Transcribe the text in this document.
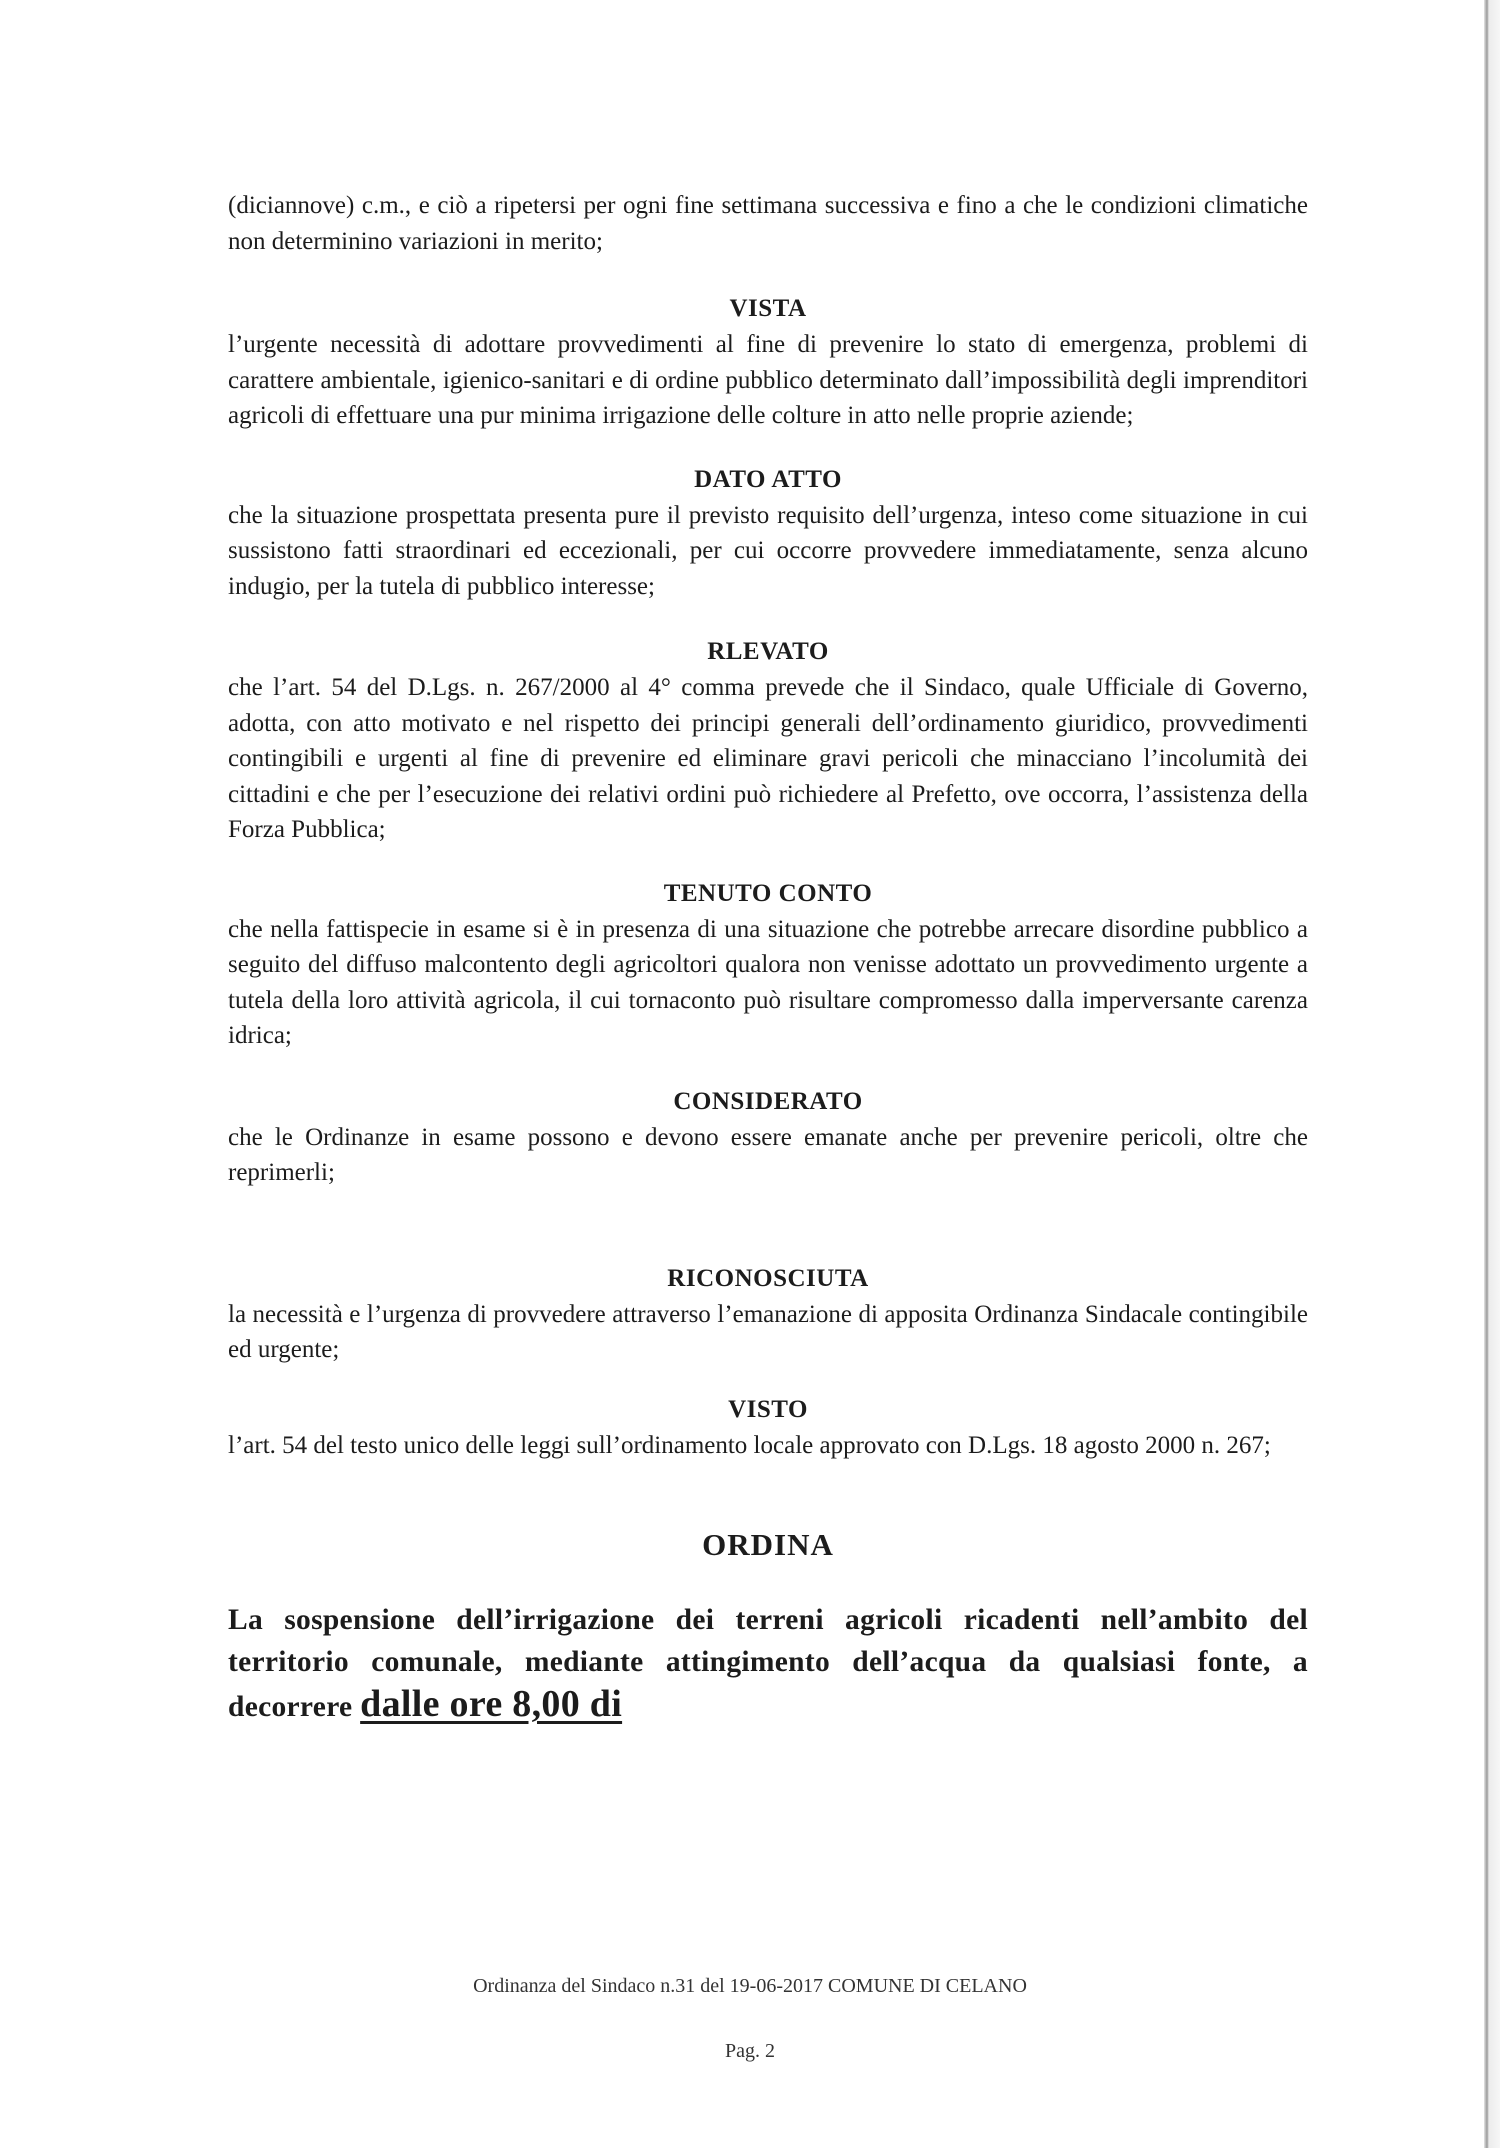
(diciannove) c.m., e ciò a ripetersi per ogni fine settimana successiva e fino a che le condizioni climatiche non determinino variazioni in merito;

VISTA

l’urgente necessità di adottare provvedimenti al fine di prevenire lo stato di emergenza, problemi di carattere ambientale, igienico-sanitari e di ordine pubblico determinato dall’impossibilità degli imprenditori agricoli di effettuare una pur minima irrigazione delle colture in atto nelle proprie aziende;

DATO ATTO

che la situazione prospettata presenta pure il previsto requisito dell’urgenza, inteso come situazione in cui sussistono fatti straordinari ed eccezionali, per cui occorre provvedere immediatamente, senza alcuno indugio, per la tutela di pubblico interesse;

RLEVATO

che l’art. 54 del D.Lgs. n. 267/2000 al 4° comma prevede che il Sindaco, quale Ufficiale di Governo, adotta, con atto motivato e nel rispetto dei principi generali dell’ordinamento giuridico, provvedimenti contingibili e urgenti al fine di prevenire ed eliminare gravi pericoli che minacciano l’incolumità dei cittadini e che per l’esecuzione dei relativi ordini può richiedere al Prefetto, ove occorra, l’assistenza della Forza Pubblica;

TENUTO CONTO

che nella fattispecie in esame si è in presenza di una situazione che potrebbe arrecare disordine pubblico a seguito del diffuso malcontento degli agricoltori qualora non venisse adottato un provvedimento urgente a tutela della loro attività agricola, il cui tornaconto può risultare compromesso dalla imperversante carenza idrica;

CONSIDERATO

che le Ordinanze in esame possono e devono essere emanate anche per prevenire pericoli, oltre che reprimerli;

RICONOSCIUTA

la necessità e l’urgenza di provvedere attraverso l’emanazione di apposita Ordinanza Sindacale contingibile ed urgente;

VISTO

l’art. 54 del testo unico delle leggi sull’ordinamento locale approvato con D.Lgs. 18 agosto 2000 n. 267;

ORDINA

La sospensione dell’irrigazione dei terreni agricoli ricadenti nell’ambito del territorio comunale, mediante attingimento dell’acqua da qualsiasi fonte, a decorrere dalle ore 8,00 di

Ordinanza del Sindaco n.31 del 19-06-2017 COMUNE DI CELANO

Pag. 2
